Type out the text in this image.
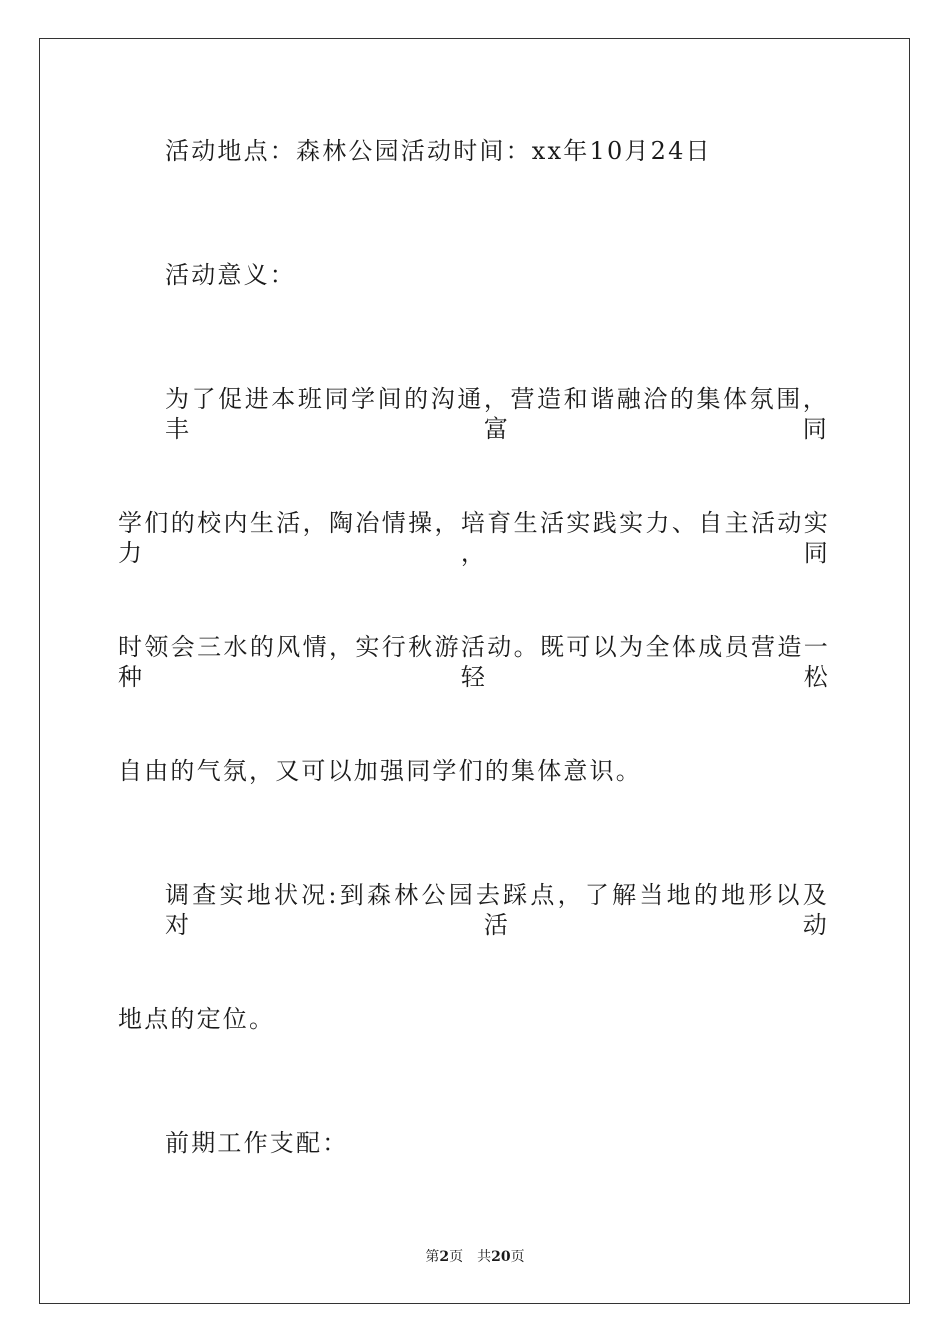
活动地点：森林公园活动时间：xx年10月24日
活动意义：
为了促进本班同学间的沟通，营造和谐融洽的集体氛围，丰富同
学们的校内生活，陶冶情操，培育生活实践实力、自主活动实力，同
时领会三水的风情，实行秋游活动。既可以为全体成员营造一种轻松
自由的气氛，又可以加强同学们的集体意识。
调查实地状况:到森林公园去踩点，了解当地的地形以及对活动
地点的定位。
前期工作支配：
第2页 共20页
